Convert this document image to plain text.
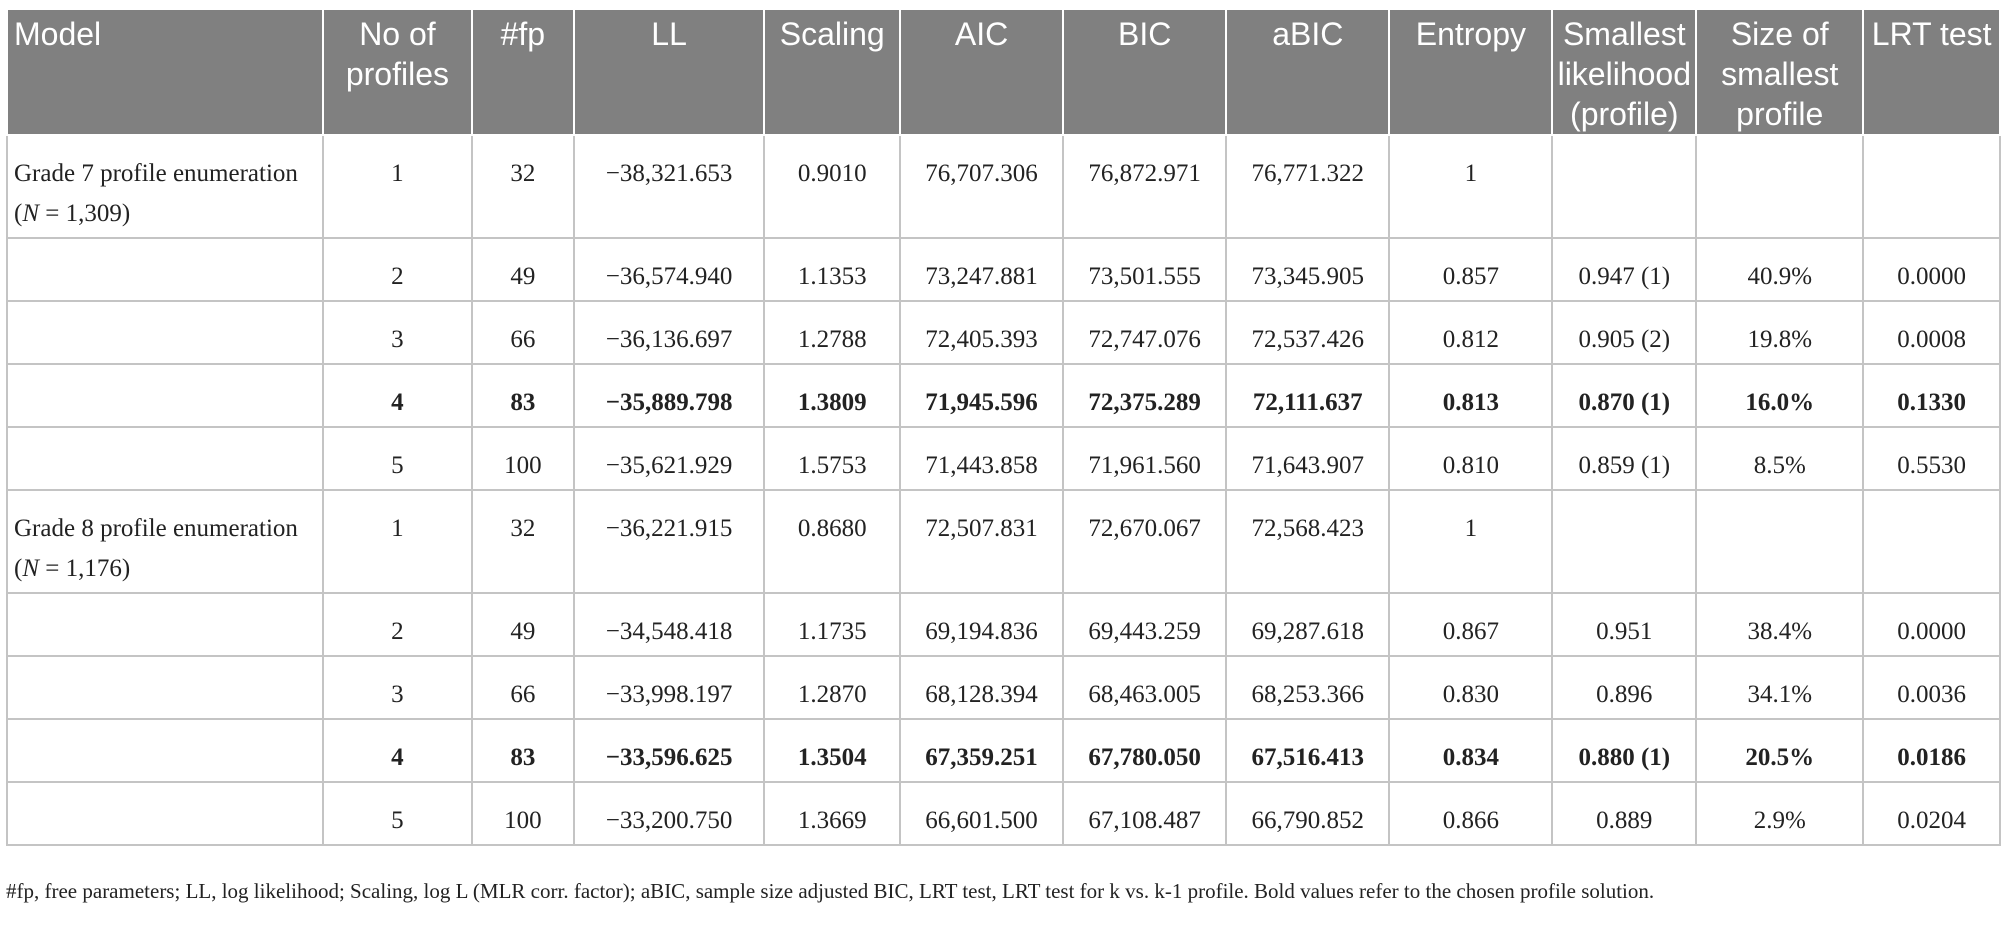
Model	No of profiles	#fp	LL	Scaling	AIC	BIC	aBIC	Entropy	Smallest likelihood (profile)	Size of smallest profile	LRT test
Grade 7 profile enumeration (N = 1,309)	1	32	−38,321.653	0.9010	76,707.306	76,872.971	76,771.322	1			
	2	49	−36,574.940	1.1353	73,247.881	73,501.555	73,345.905	0.857	0.947 (1)	40.9%	0.0000
	3	66	−36,136.697	1.2788	72,405.393	72,747.076	72,537.426	0.812	0.905 (2)	19.8%	0.0008
	4	83	−35,889.798	1.3809	71,945.596	72,375.289	72,111.637	0.813	0.870 (1)	16.0%	0.1330
	5	100	−35,621.929	1.5753	71,443.858	71,961.560	71,643.907	0.810	0.859 (1)	8.5%	0.5530
Grade 8 profile enumeration (N = 1,176)	1	32	−36,221.915	0.8680	72,507.831	72,670.067	72,568.423	1			
	2	49	−34,548.418	1.1735	69,194.836	69,443.259	69,287.618	0.867	0.951	38.4%	0.0000
	3	66	−33,998.197	1.2870	68,128.394	68,463.005	68,253.366	0.830	0.896	34.1%	0.0036
	4	83	−33,596.625	1.3504	67,359.251	67,780.050	67,516.413	0.834	0.880 (1)	20.5%	0.0186
	5	100	−33,200.750	1.3669	66,601.500	67,108.487	66,790.852	0.866	0.889	2.9%	0.0204
#fp, free parameters; LL, log likelihood; Scaling, log L (MLR corr. factor); aBIC, sample size adjusted BIC, LRT test, LRT test for k vs. k-1 profile. Bold values refer to the chosen profile solution.
